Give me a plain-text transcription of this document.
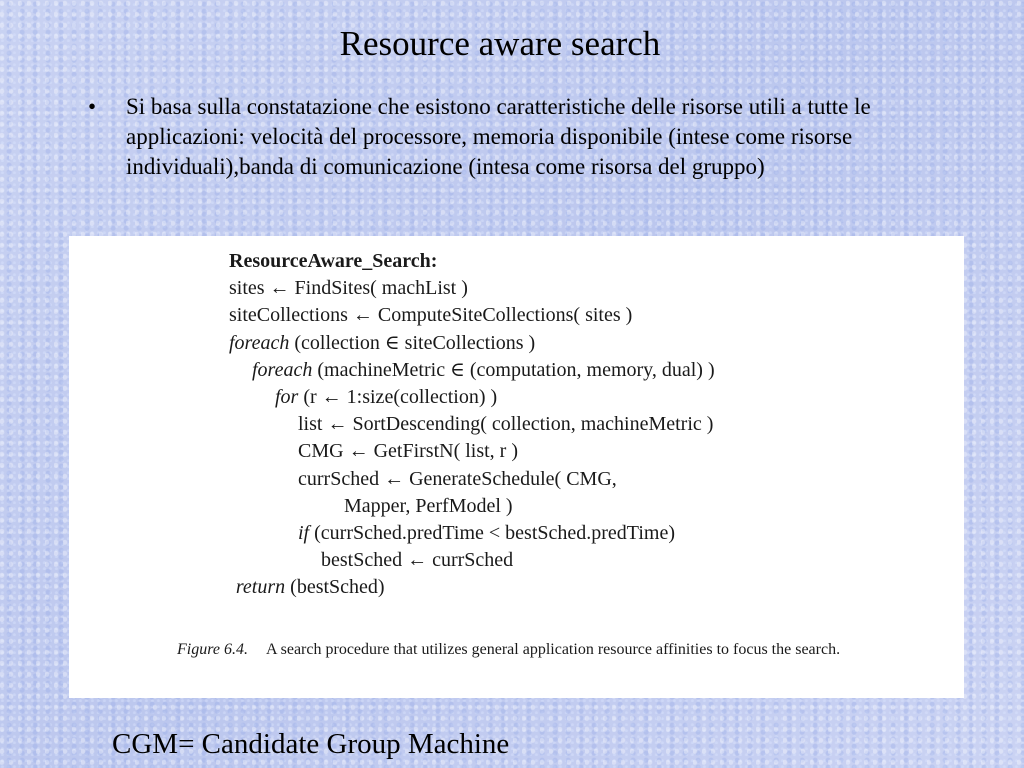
Resource aware search
• Si basa sulla constatazione che esistono caratteristiche delle risorse utili a tutte le applicazioni: velocità del processore, memoria disponibile (intese come risorse individuali),banda di comunicazione (intesa come risorsa del gruppo)
ResourceAware_Search:
sites ← FindSites( machList )
siteCollections ← ComputeSiteCollections( sites )
foreach (collection ∈ siteCollections )
foreach (machineMetric ∈ (computation, memory, dual) )
for (r ← 1:size(collection) )
list ← SortDescending( collection, machineMetric )
CMG ← GetFirstN( list, r )
currSched ← GenerateSchedule( CMG,
Mapper, PerfModel )
if (currSched.predTime < bestSched.predTime)
bestSched ← currSched
return (bestSched)
Figure 6.4. A search procedure that utilizes general application resource affinities to focus the search.
CGM= Candidate Group Machine
